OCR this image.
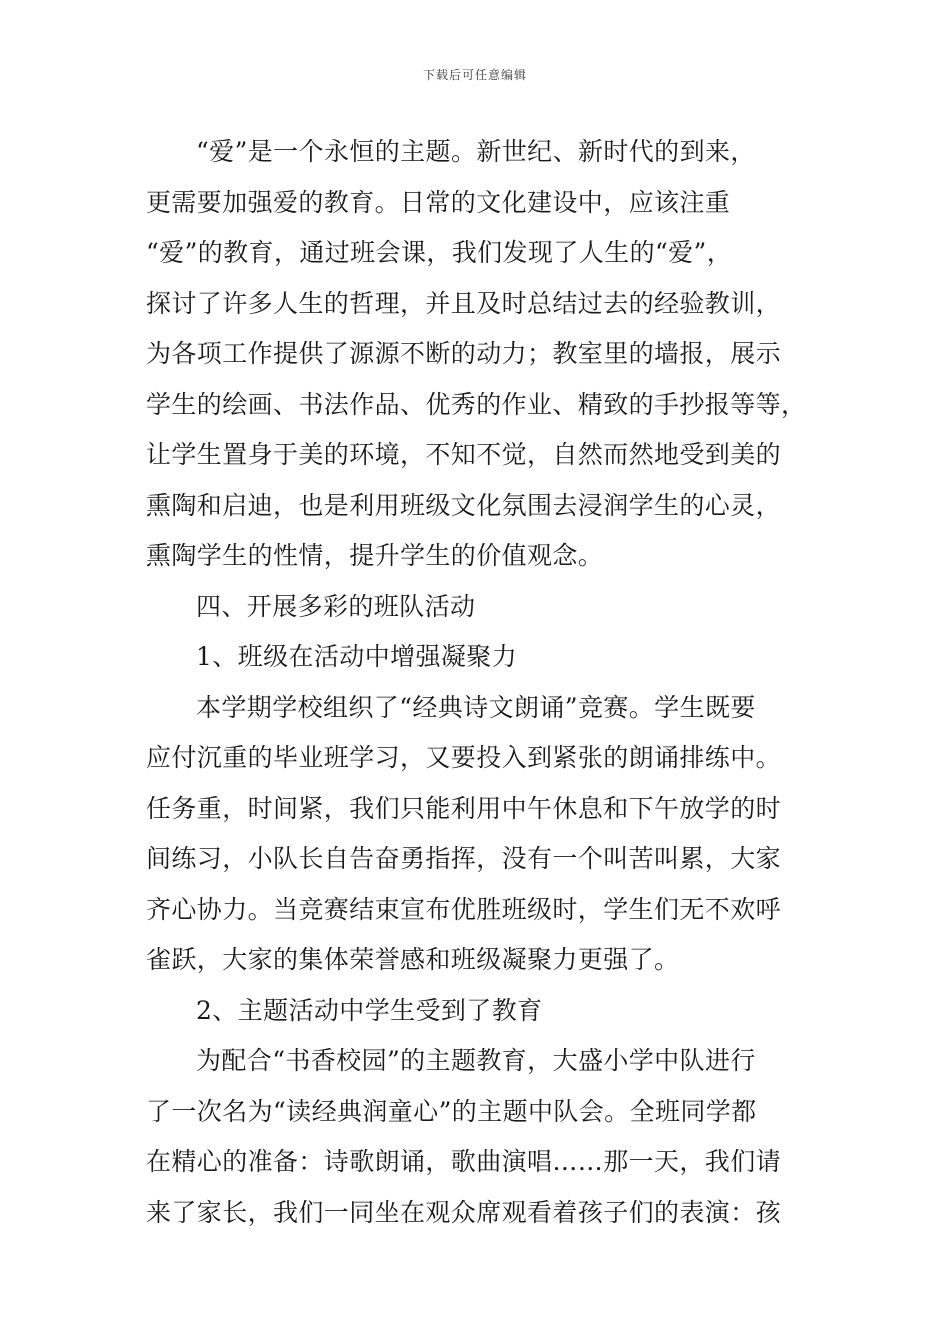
下载后可任意编辑
“爱”是一个永恒的主题。新世纪、新时代的到来，
更需要加强爱的教育。日常的文化建设中，应该注重
“爱”的教育，通过班会课，我们发现了人生的“爱”，
探讨了许多人生的哲理，并且及时总结过去的经验教训，
为各项工作提供了源源不断的动力；教室里的墙报，展示
学生的绘画、书法作品、优秀的作业、精致的手抄报等等，
让学生置身于美的环境，不知不觉，自然而然地受到美的
熏陶和启迪，也是利用班级文化氛围去浸润学生的心灵，
熏陶学生的性情，提升学生的价值观念。
四、开展多彩的班队活动
1、班级在活动中增强凝聚力
本学期学校组织了“经典诗文朗诵”竞赛。学生既要
应付沉重的毕业班学习，又要投入到紧张的朗诵排练中。
任务重，时间紧，我们只能利用中午休息和下午放学的时
间练习，小队长自告奋勇指挥，没有一个叫苦叫累，大家
齐心协力。当竞赛结束宣布优胜班级时，学生们无不欢呼
雀跃，大家的集体荣誉感和班级凝聚力更强了。
2、主题活动中学生受到了教育
为配合“书香校园”的主题教育，大盛小学中队进行
了一次名为“读经典润童心”的主题中队会。全班同学都
在精心的准备：诗歌朗诵，歌曲演唱……那一天，我们请
来了家长，我们一同坐在观众席观看着孩子们的表演：孩
